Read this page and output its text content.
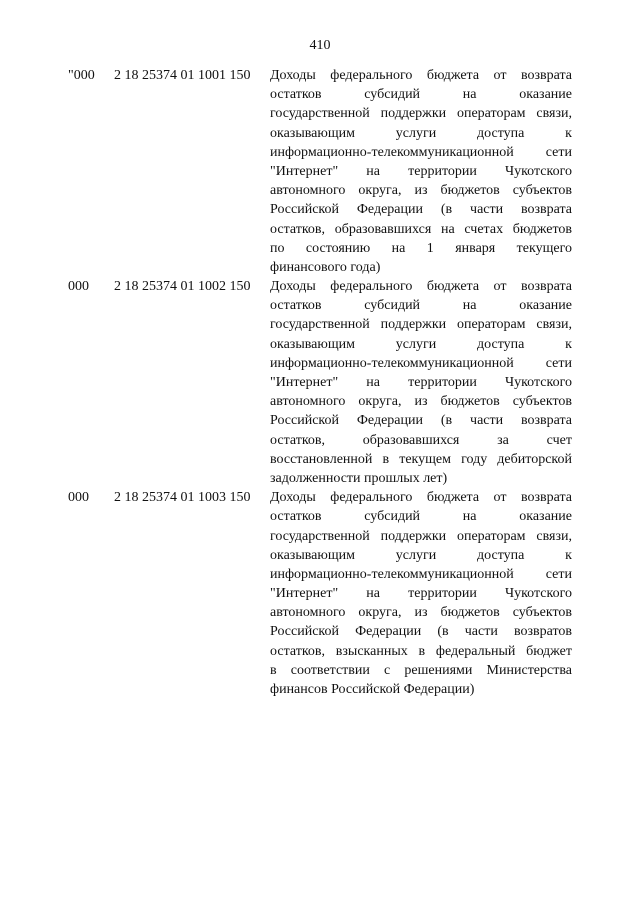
410
"000	2 18 25374 01 1001 150	Доходы федерального бюджета от возврата
остатков субсидий на оказание
государственной поддержки операторам связи,
оказывающим услуги доступа к
информационно-телекоммуникационной сети
"Интернет" на территории Чукотского
автономного округа, из бюджетов субъектов
Российской Федерации (в части возврата
остатков, образовавшихся на счетах бюджетов
по состоянию на 1 января текущего
финансового года)
000	2 18 25374 01 1002 150	Доходы федерального бюджета от возврата
остатков субсидий на оказание
государственной поддержки операторам связи,
оказывающим услуги доступа к
информационно-телекоммуникационной сети
"Интернет" на территории Чукотского
автономного округа, из бюджетов субъектов
Российской Федерации (в части возврата
остатков, образовавшихся за счет
восстановленной в текущем году дебиторской
задолженности прошлых лет)
000	2 18 25374 01 1003 150	Доходы федерального бюджета от возврата
остатков субсидий на оказание
государственной поддержки операторам связи,
оказывающим услуги доступа к
информационно-телекоммуникационной сети
"Интернет" на территории Чукотского
автономного округа, из бюджетов субъектов
Российской Федерации (в части возвратов
остатков, взысканных в федеральный бюджет
в соответствии с решениями Министерства
финансов Российской Федерации)
